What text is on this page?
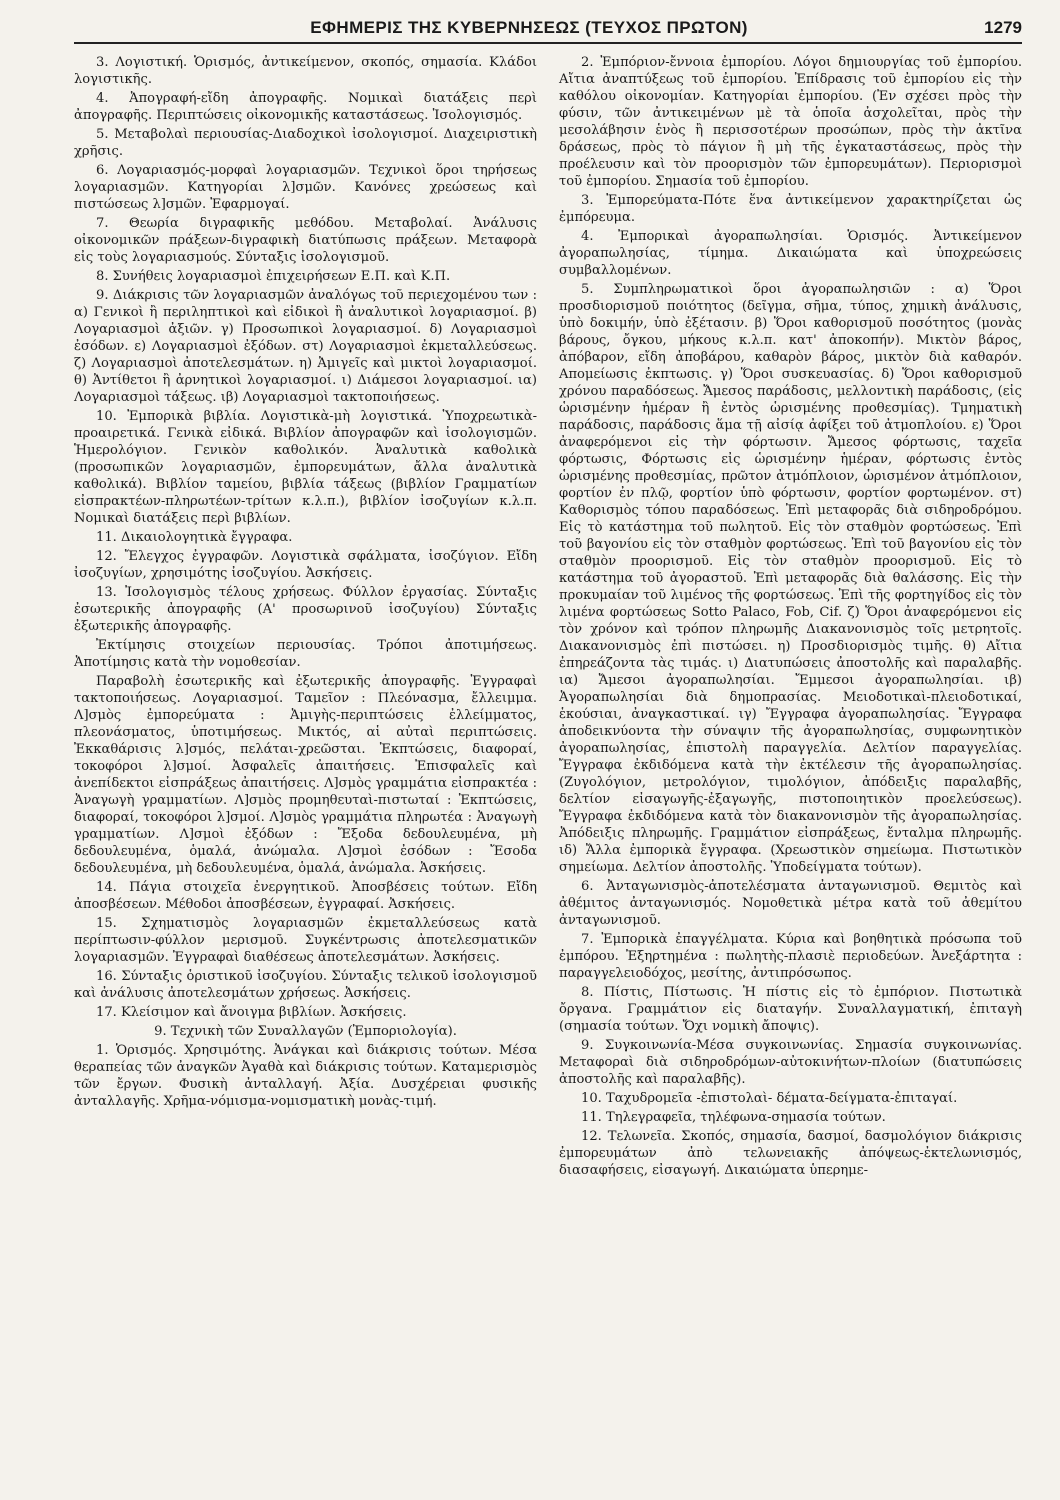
ΕΦΗΜΕΡΙΣ ΤΗΣ ΚΥΒΕΡΝΗΣΕΩΣ (ΤΕΥΧΟΣ ΠΡΩΤΟΝ)	1279

3. Λογιστική. Ὁρισμός, ἀντικείμενον, σκοπός, σημασία. Κλάδοι λογιστικῆς.

4. Ἀπογραφή-εἴδη ἀπογραφῆς. Νομικαὶ διατάξεις περὶ ἀπογραφῆς. Περιπτώσεις οἰκονομικῆς καταστάσεως. Ἰσολογισμός.

5. Μεταβολαὶ περιουσίας-Διαδοχικοὶ ἰσολογισμοί. Διαχειριστικὴ χρῆσις.

6. Λογαριασμός-μορφαὶ λογαριασμῶν. Τεχνικοὶ ὅροι τηρήσεως λογαριασμῶν. Κατηγορίαι λ]σμῶν. Κανόνες χρεώσεως καὶ πιστώσεως λ]σμῶν. Ἐφαρμογαί.

7. Θεωρία διγραφικῆς μεθόδου. Μεταβολαί. Ἀνάλυσις οἰκονομικῶν πράξεων-διγραφικὴ διατύπωσις πράξεων. Μεταφορὰ εἰς τοὺς λογαριασμούς. Σύνταξις ἰσολογισμοῦ.

8. Συνήθεις λογαριασμοὶ ἐπιχειρήσεων Ε.Π. καὶ Κ.Π.

9. Διάκρισις τῶν λογαριασμῶν ἀναλόγως τοῦ περιεχομένου των : α) Γενικοὶ ἢ περιληπτικοὶ καὶ εἰδικοὶ ἢ ἀναλυτικοὶ λογαριασμοί. β) Λογαριασμοὶ ἀξιῶν. γ) Προσωπικοὶ λογαριασμοί. δ) Λογαριασμοὶ ἐσόδων. ε) Λογαριασμοὶ ἐξόδων. στ) Λογαριασμοὶ ἐκμεταλλεύσεως. ζ) Λογαριασμοὶ ἀποτελεσμάτων. η) Ἀμιγεῖς καὶ μικτοὶ λογαριασμοί. θ) Ἀντίθετοι ἢ ἀρνητικοὶ λογαριασμοί. ι) Διάμεσοι λογαριασμοί. ια) Λογαριασμοὶ τάξεως. ιβ) Λογαριασμοὶ τακτοποιήσεως.

10. Ἐμπορικὰ βιβλία. Λογιστικὰ-μὴ λογιστικά. Ὑποχρεωτικὰ-προαιρετικά. Γενικὰ εἰδικά. Βιβλίον ἀπογραφῶν καὶ ἰσολογισμῶν. Ἡμερολόγιον. Γενικὸν καθολικόν. Ἀναλυτικὰ καθολικὰ (προσωπικῶν λογαριασμῶν, ἐμπορευμάτων, ἄλλα ἀναλυτικὰ καθολικά). Βιβλίον ταμείου, βιβλία τάξεως (βιβλίον Γραμματίων εἰσπρακτέων-πληρωτέων-τρίτων κ.λ.π.), βιβλίον ἰσοζυγίων κ.λ.π. Νομικαὶ διατάξεις περὶ βιβλίων.

11. Δικαιολογητικὰ ἔγγραφα.

12. Ἔλεγχος ἐγγραφῶν. Λογιστικὰ σφάλματα, ἰσοζύγιον. Εἴδη ἰσοζυγίων, χρησιμότης ἰσοζυγίου. Ἀσκήσεις.

13. Ἰσολογισμὸς τέλους χρήσεως. Φύλλον ἐργασίας. Σύνταξις ἐσωτερικῆς ἀπογραφῆς (Α' προσωρινοῦ ἰσοζυγίου) Σύνταξις ἐξωτερικῆς ἀπογραφῆς.

Ἐκτίμησις στοιχείων περιουσίας. Τρόποι ἀποτιμήσεως. Ἀποτίμησις κατὰ τὴν νομοθεσίαν.

Παραβολὴ ἐσωτερικῆς καὶ ἐξωτερικῆς ἀπογραφῆς. Ἐγγραφαὶ τακτοποιήσεως. Λογαριασμοί. Ταμεῖον : Πλεόνασμα, ἔλλειμμα. Λ]σμὸς ἐμπορεύματα : Ἀμιγὴς-περιπτώσεις ἐλλείμματος, πλεονάσματος, ὑποτιμήσεως. Μικτός, αἱ αὐταὶ περιπτώσεις. Ἐκκαθάρισις λ]σμός, πελάται-χρεῶσται. Ἐκπτώσεις, διαφοραί, τοκοφόροι λ]σμοί. Ἀσφαλεῖς ἀπαιτήσεις. Ἐπισφαλεῖς καὶ ἀνεπίδεκτοι εἰσπράξεως ἀπαιτήσεις. Λ]σμὸς γραμμάτια εἰσπρακτέα : Ἀναγωγὴ γραμματίων. Λ]σμὸς προμηθευταὶ-πιστωταί : Ἐκπτώσεις, διαφοραί, τοκοφόροι λ]σμοί. Λ]σμὸς γραμμάτια πληρωτέα : Ἀναγωγὴ γραμματίων. Λ]σμοὶ ἐξόδων : Ἔξοδα δεδουλευμένα, μὴ δεδουλευμένα, ὁμαλά, ἀνώμαλα. Λ]σμοὶ ἐσόδων : Ἔσοδα δεδουλευμένα, μὴ δεδουλευμένα, ὁμαλά, ἀνώμαλα. Ἀσκήσεις.

14. Πάγια στοιχεῖα ἐνεργητικοῦ. Ἀποσβέσεις τούτων. Εἴδη ἀποσβέσεων. Μέθοδοι ἀποσβέσεων, ἐγγραφαί. Ἀσκήσεις.

15. Σχηματισμὸς λογαριασμῶν ἐκμεταλλεύσεως κατὰ περίπτωσιν-φύλλον μερισμοῦ. Συγκέντρωσις ἀποτελεσματικῶν λογαριασμῶν. Ἐγγραφαὶ διαθέσεως ἀποτελεσμάτων. Ἀσκήσεις.

16. Σύνταξις ὁριστικοῦ ἰσοζυγίου. Σύνταξις τελικοῦ ἰσολογισμοῦ καὶ ἀνάλυσις ἀποτελεσμάτων χρήσεως. Ἀσκήσεις.

17. Κλείσιμον καὶ ἄνοιγμα βιβλίων. Ἀσκήσεις.

9. Τεχνικὴ τῶν Συναλλαγῶν (Ἐμποριολογία).

1. Ὁρισμός. Χρησιμότης. Ἀνάγκαι καὶ διάκρισις τούτων. Μέσα θεραπείας τῶν ἀναγκῶν Ἀγαθὰ καὶ διάκρισις τούτων. Καταμερισμὸς τῶν ἔργων. Φυσικὴ ἀνταλλαγή. Ἀξία. Δυσχέρειαι φυσικῆς ἀνταλλαγῆς. Χρῆμα-νόμισμα-νομισματικὴ μονὰς-τιμή.

2. Ἐμπόριον-ἔννοια ἐμπορίου. Λόγοι δημιουργίας τοῦ ἐμπορίου. Αἴτια ἀναπτύξεως τοῦ ἐμπορίου. Ἐπίδρασις τοῦ ἐμπορίου εἰς τὴν καθόλου οἰκονομίαν. Κατηγορίαι ἐμπορίου. (Ἐν σχέσει πρὸς τὴν φύσιν, τῶν ἀντικειμένων μὲ τὰ ὁποῖα ἀσχολεῖται, πρὸς τὴν μεσολάβησιν ἑνὸς ἢ περισσοτέρων προσώπων, πρὸς τὴν ἀκτῖνα δράσεως, πρὸς τὸ πάγιον ἢ μὴ τῆς ἐγκαταστάσεως, πρὸς τὴν προέλευσιν καὶ τὸν προορισμὸν τῶν ἐμπορευμάτων). Περιορισμοὶ τοῦ ἐμπορίου. Σημασία τοῦ ἐμπορίου.

3. Ἐμπορεύματα-Πότε ἕνα ἀντικείμενον χαρακτηρίζεται ὡς ἐμπόρευμα.

4. Ἐμπορικαὶ ἀγοραπωλησίαι. Ὁρισμός. Ἀντικείμενον ἀγοραπωλησίας, τίμημα. Δικαιώματα καὶ ὑποχρεώσεις συμβαλλομένων.

5. Συμπληρωματικοὶ ὅροι ἀγοραπωλησιῶν : α) Ὅροι προσδιορισμοῦ ποιότητος (δεῖγμα, σῆμα, τύπος, χημικὴ ἀνάλυσις, ὑπὸ δοκιμήν, ὑπὸ ἐξέτασιν. β) Ὅροι καθορισμοῦ ποσότητος (μονὰς βάρους, ὄγκου, μήκους κ.λ.π. κατ' ἀποκοπήν). Μικτὸν βάρος, ἀπόβαρον, εἴδη ἀποβάρου, καθαρὸν βάρος, μικτὸν διὰ καθαρόν. Απομείωσις ἐκπτωσις. γ) Ὅροι συσκευασίας. δ) Ὅροι καθορισμοῦ χρόνου παραδόσεως. Ἄμεσος παράδοσις, μελλοντικὴ παράδοσις, (εἰς ὡρισμένην ἡμέραν ἢ ἐντὸς ὡρισμένης προθεσμίας). Τμηματικὴ παράδοσις, παράδοσις ἅμα τῇ αἰσίᾳ ἀφίξει τοῦ ἀτμοπλοίου. ε) Ὅροι ἀναφερόμενοι εἰς τὴν φόρτωσιν. Ἄμεσος φόρτωσις, ταχεῖα φόρτωσις, Φόρτωσις εἰς ὡρισμένην ἡμέραν, φόρτωσις ἐντὸς ὡρισμένης προθεσμίας, πρῶτον ἀτμόπλοιον, ὡρισμένον ἀτμόπλοιον, φορτίον ἐν πλῷ, φορτίον ὑπὸ φόρτωσιν, φορτίον φορτωμένον. στ) Καθορισμὸς τόπου παραδόσεως. Ἐπὶ μεταφορᾶς διὰ σιδηροδρόμου. Εἰς τὸ κατάστημα τοῦ πωλητοῦ. Εἰς τὸν σταθμὸν φορτώσεως. Ἐπὶ τοῦ βαγονίου εἰς τὸν σταθμὸν φορτώσεως. Ἐπὶ τοῦ βαγονίου εἰς τὸν σταθμὸν προορισμοῦ. Εἰς τὸν σταθμὸν προορισμοῦ. Εἰς τὸ κατάστημα τοῦ ἀγοραστοῦ. Ἐπὶ μεταφορᾶς διὰ θαλάσσης. Εἰς τὴν προκυμαίαν τοῦ λιμένος τῆς φορτώσεως. Ἐπὶ τῆς φορτηγίδος εἰς τὸν λιμένα φορτώσεως Sotto Palaco, Fob, Cif. ζ) Ὅροι ἀναφερόμενοι εἰς τὸν χρόνον καὶ τρόπον πληρωμῆς Διακανονισμὸς τοῖς μετρητοῖς. Διακανονισμὸς ἐπὶ πιστώσει. η) Προσδιορισμὸς τιμῆς. θ) Αἴτια ἐπηρεάζοντα τὰς τιμάς. ι) Διατυπώσεις ἀποστολῆς καὶ παραλαβῆς. ια) Ἄμεσοι ἀγοραπωλησίαι. Ἔμμεσοι ἀγοραπωλησίαι. ιβ) Ἀγοραπωλησίαι διὰ δημοπρασίας. Μειοδοτικαὶ-πλειοδοτικαί, ἑκούσιαι, ἀναγκαστικαί. ιγ) Ἔγγραφα ἀγοραπωλησίας. Ἔγγραφα ἀποδεικνύοντα τὴν σύναψιν τῆς ἀγοραπωλησίας, συμφωνητικὸν ἀγοραπωλησίας, ἐπιστολὴ παραγγελία. Δελτίον παραγγελίας. Ἔγγραφα ἐκδιδόμενα κατὰ τὴν ἐκτέλεσιν τῆς ἀγοραπωλησίας. (Ζυγολόγιον, μετρολόγιον, τιμολόγιον, ἀπόδειξις παραλαβῆς, δελτίον εἰσαγωγῆς-ἐξαγωγῆς, πιστοποιητικὸν προελεύσεως). Ἔγγραφα ἐκδιδόμενα κατὰ τὸν διακανονισμὸν τῆς ἀγοραπωλησίας. Ἀπόδειξις πληρωμῆς. Γραμμάτιον εἰσπράξεως, ἔνταλμα πληρωμῆς. ιδ) Ἄλλα ἐμπορικὰ ἔγγραφα. (Χρεωστικὸν σημείωμα. Πιστωτικὸν σημείωμα. Δελτίον ἀποστολῆς. Ὑποδείγματα τούτων).

6. Ἀνταγωνισμὸς-ἀποτελέσματα ἀνταγωνισμοῦ. Θεμιτὸς καὶ ἀθέμιτος ἀνταγωνισμός. Νομοθετικὰ μέτρα κατὰ τοῦ ἀθεμίτου ἀνταγωνισμοῦ.

7. Ἐμπορικὰ ἐπαγγέλματα. Κύρια καὶ βοηθητικὰ πρόσωπα τοῦ ἐμπόρου. Ἐξηρτημένα : πωλητὴς-πλασιὲ περιοδεύων. Ἀνεξάρτητα : παραγγελειοδόχος, μεσίτης, ἀντιπρόσωπος.

8. Πίστις, Πίστωσις. Ἡ πίστις εἰς τὸ ἐμπόριον. Πιστωτικὰ ὄργανα. Γραμμάτιον εἰς διαταγήν. Συναλλαγματική, ἐπιταγὴ (σημασία τούτων. Ὄχι νομικὴ ἄποψις).

9. Συγκοινωνία-Μέσα συγκοινωνίας. Σημασία συγκοινωνίας. Μεταφοραὶ διὰ σιδηροδρόμων-αὐτοκινήτων-πλοίων (διατυπώσεις ἀποστολῆς καὶ παραλαβῆς).

10. Ταχυδρομεῖα -ἐπιστολαὶ- δέματα-δείγματα-ἐπιταγαί.

11. Τηλεγραφεῖα, τηλέφωνα-σημασία τούτων.

12. Τελωνεῖα. Σκοπός, σημασία, δασμοί, δασμολόγιον διάκρισις ἐμπορευμάτων ἀπὸ τελωνειακῆς ἀπόψεως-ἐκτελωνισμός, διασαφήσεις, εἰσαγωγή. Δικαιώματα ὑπερημε-
